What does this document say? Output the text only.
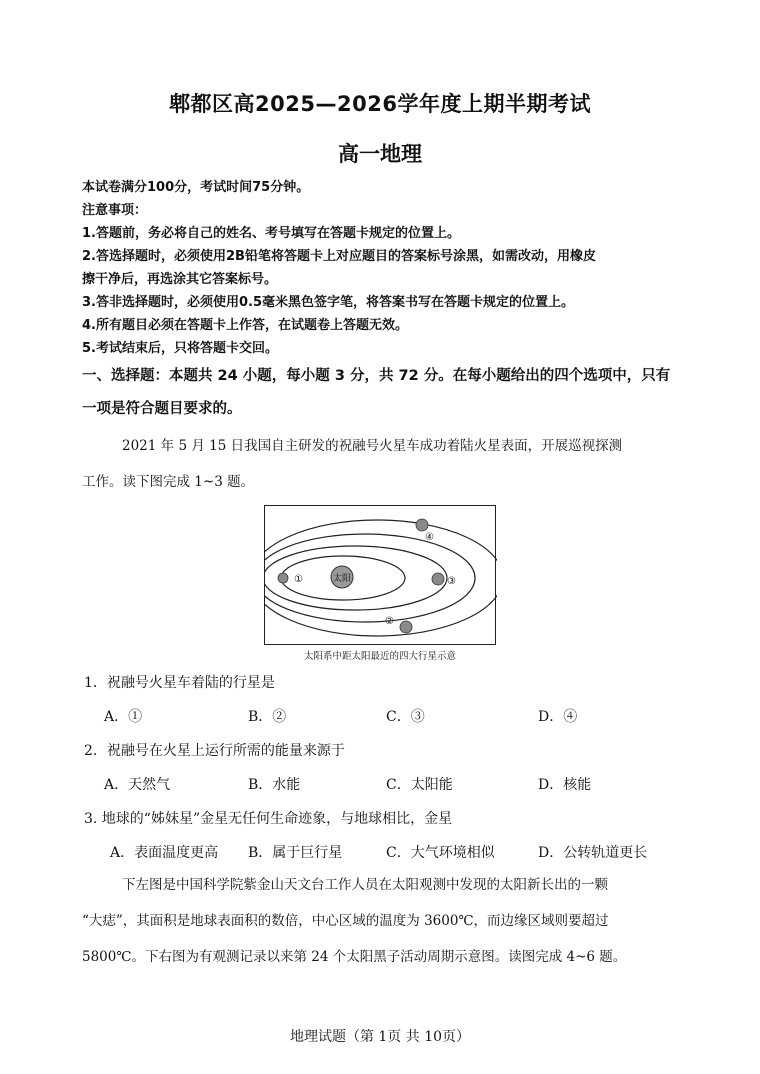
郫都区高2025—2026学年度上期半期考试
高一地理
本试卷满分100分，考试时间75分钟。
注意事项：
1.答题前，务必将自己的姓名、考号填写在答题卡规定的位置上。
2.答选择题时，必须使用2B铅笔将答题卡上对应题目的答案标号涂黑，如需改动，用橡皮
擦干净后，再选涂其它答案标号。
3.答非选择题时，必须使用0.5毫米黑色签字笔，将答案书写在答题卡规定的位置上。
4.所有题目必须在答题卡上作答，在试题卷上答题无效。
5.考试结束后，只将答题卡交回。
一、选择题：本题共 24 小题，每小题 3 分，共 72 分。在每小题给出的四个选项中，只有
一项是符合题目要求的。
2021 年 5 月 15 日我国自主研发的祝融号火星车成功着陆火星表面，开展巡视探测
工作。读下图完成 1~3 题。
太阳
①
②
③
④
太阳系中距太阳最近的四大行星示意
1．祝融号火星车着陆的行星是
A．①	B．②	C．③	D．④
2．祝融号在火星上运行所需的能量来源于
A．天然气	B．水能	C．太阳能	D．核能
3. 地球的“姊妹星”金星无任何生命迹象，与地球相比，金星
A．表面温度更高 B．属于巨行星	C．大气环境相似	D．公转轨道更长
下左图是中国科学院紫金山天文台工作人员在太阳观测中发现的太阳新长出的一颗
“大痣”，其面积是地球表面积的数倍，中心区域的温度为 3600℃，而边缘区域则要超过
5800℃。下右图为有观测记录以来第 24 个太阳黑子活动周期示意图。读图完成 4~6 题。
地理试题（第 1页 共 10页）
